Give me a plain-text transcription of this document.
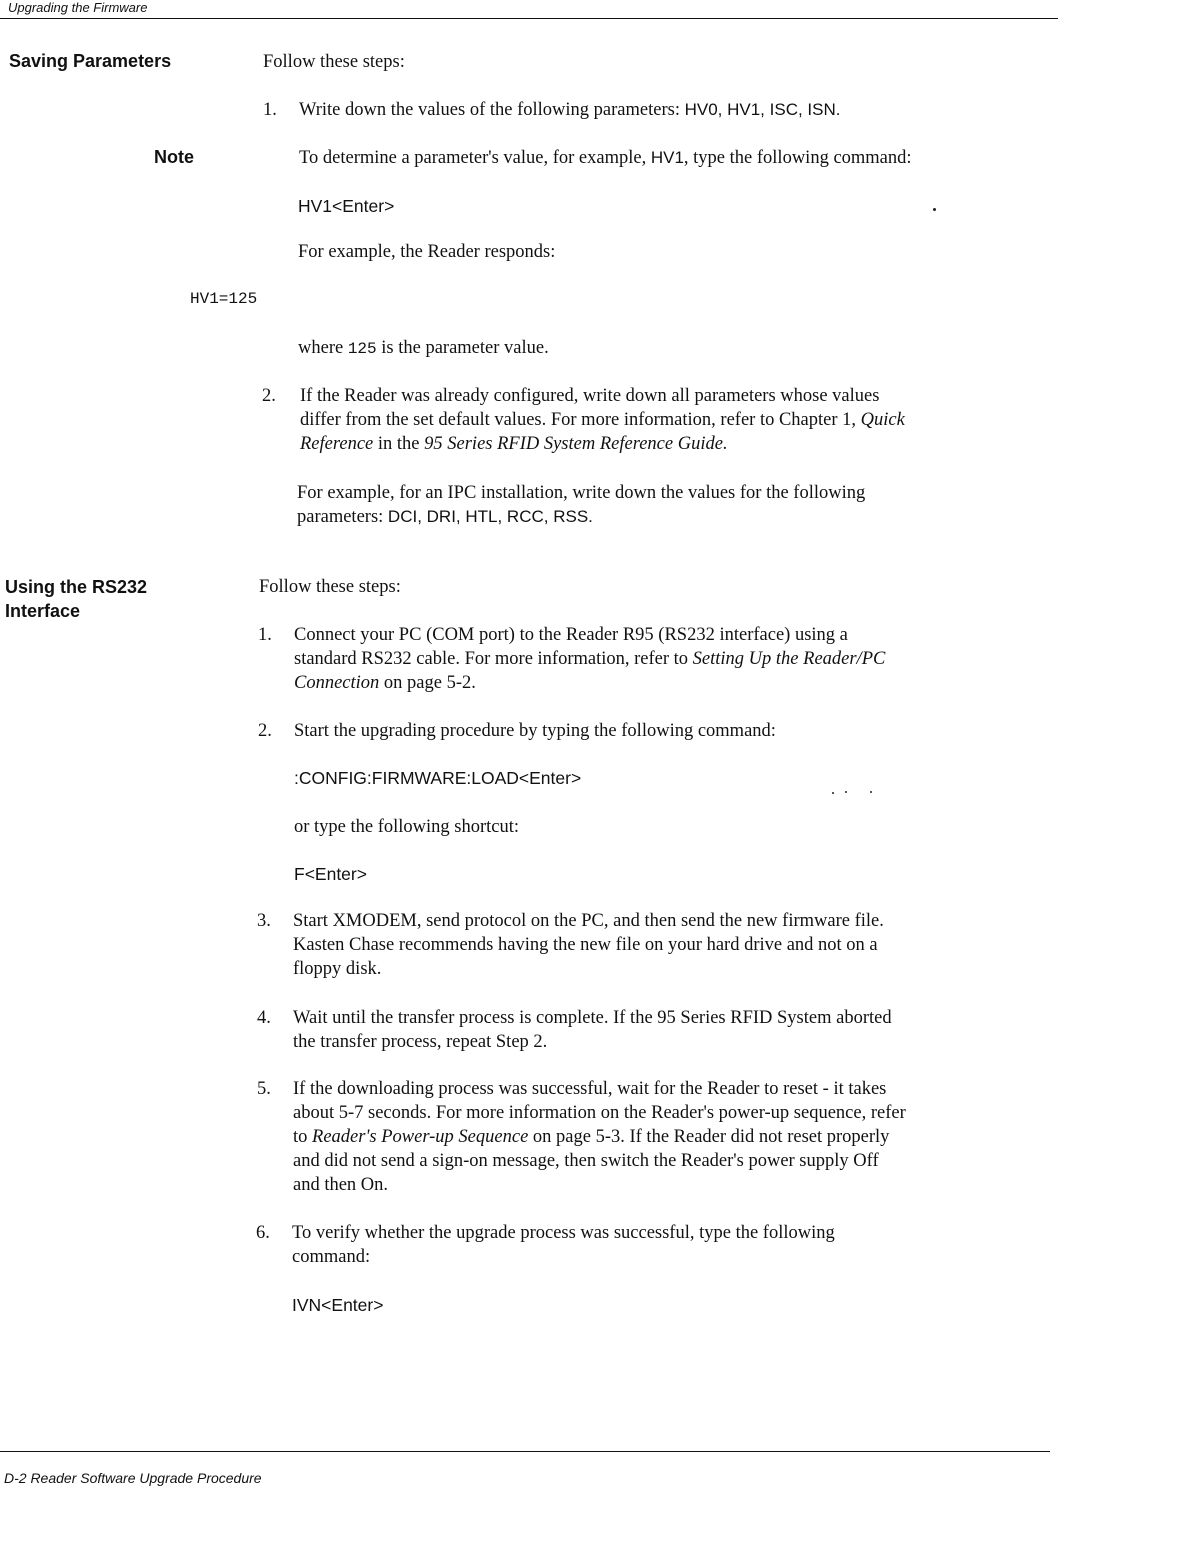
Upgrading the Firmware
Saving Parameters	Follow these steps:
1. Write down the values of the following parameters: HV0, HV1, ISC, ISN.
Note	To determine a parameter's value, for example, HV1, type the following command:
HV1<Enter>
For example, the Reader responds:
HV1=125
where 125 is the parameter value.
2. If the Reader was already configured, write down all parameters whose values
differ from the set default values. For more information, refer to Chapter 1, Quick
Reference in the 95 Series RFID System Reference Guide.
For example, for an IPC installation, write down the values for the following
parameters: DCI, DRI, HTL, RCC, RSS.
Using the RS232
Interface
Follow these steps:
1. Connect your PC (COM port) to the Reader R95 (RS232 interface) using a
standard RS232 cable. For more information, refer to Setting Up the Reader/PC
Connection on page 5-2.
2. Start the upgrading procedure by typing the following command:
:CONFIG:FIRMWARE:LOAD<Enter>
or type the following shortcut:
F<Enter>
3. Start XMODEM, send protocol on the PC, and then send the new firmware file.
Kasten Chase recommends having the new file on your hard drive and not on a
floppy disk.
4. Wait until the transfer process is complete. If the 95 Series RFID System aborted
the transfer process, repeat Step 2.
5. If the downloading process was successful, wait for the Reader to reset - it takes
about 5-7 seconds. For more information on the Reader's power-up sequence, refer
to Reader's Power-up Sequence on page 5-3. If the Reader did not reset properly
and did not send a sign-on message, then switch the Reader's power supply Off
and then On.
6. To verify whether the upgrade process was successful, type the following
command:
IVN<Enter>
D-2 Reader Software Upgrade Procedure
